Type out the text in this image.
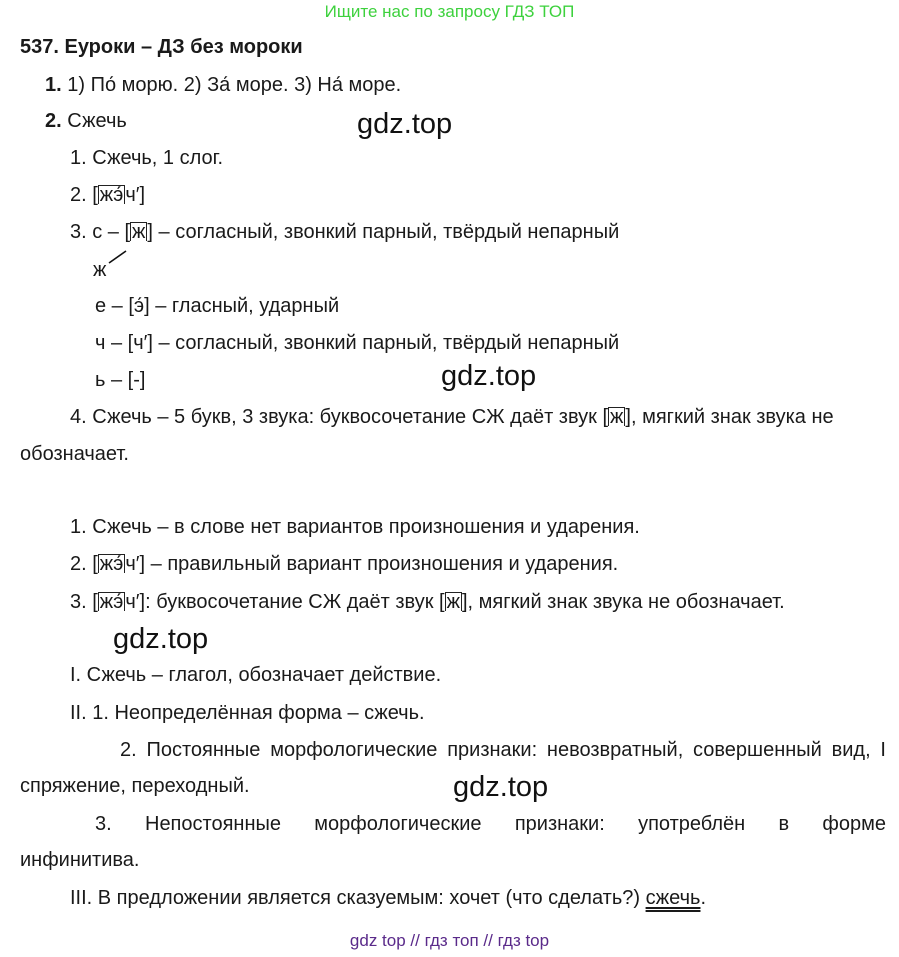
Ищите нас по запросу ГДЗ ТОП
537. Еуроки – ДЗ без мороки
1. 1) По́ морю. 2) За́ море. 3) На́ море.
2. Сжечь	gdz.top
1. Сжечь, 1 слог.
2. [ жэ́ ч′]
3. с – [ ж ] – согласный, звонкий парный, твёрдый непарный
ж
е – [э́] – гласный, ударный
ч – [ч′] – согласный, звонкий парный, твёрдый непарный
ь – [-]	gdz.top
4. Сжечь – 5 букв, 3 звука: буквосочетание СЖ даёт звук [ ж ], мягкий знак звука не
обозначает.
1. Сжечь – в слове нет вариантов произношения и ударения.
2. [ жэ́ ч′] – правильный вариант произношения и ударения.
3. [ жэ́ ч′]: буквосочетание СЖ даёт звук [ ж ], мягкий знак звука не обозначает.
gdz.top
I. Сжечь – глагол, обозначает действие.
II. 1. Неопределённая форма – сжечь.
2. Постоянные морфологические признаки: невозвратный, совершенный вид, I
спряжение, переходный.	gdz.top
3. Непостоянные морфологические признаки: употреблён в форме
инфинитива.
III. В предложении является сказуемым: хочет (что сделать?) сжечь.
gdz top // гдз топ // гдз top
